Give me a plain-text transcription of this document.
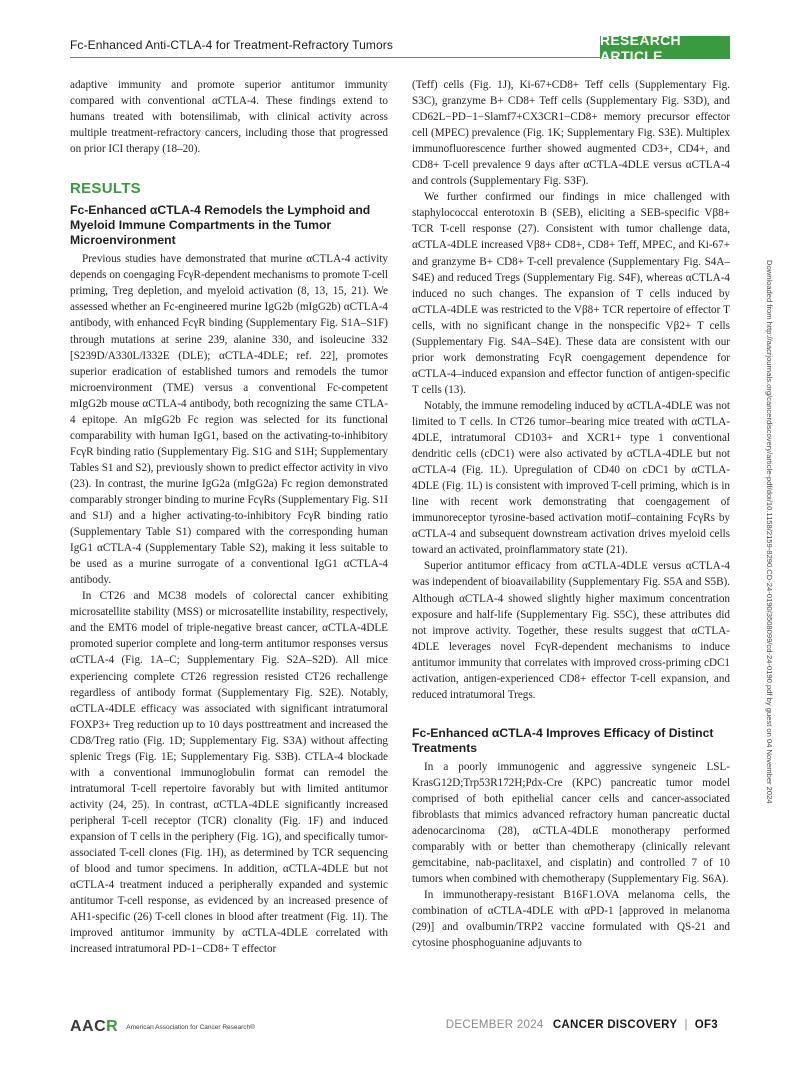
Fc-Enhanced Anti-CTLA-4 for Treatment-Refractory Tumors	RESEARCH ARTICLE

adaptive immunity and promote superior antitumor immunity compared with conventional αCTLA-4. These findings extend to humans treated with botensilimab, with clinical activity across multiple treatment-refractory cancers, including those that progressed on prior ICI therapy (18–20).

RESULTS
Fc-Enhanced αCTLA-4 Remodels the Lymphoid and Myeloid Immune Compartments in the Tumor Microenvironment

Previous studies have demonstrated that murine αCTLA-4 activity depends on coengaging FcγR-dependent mechanisms to promote T-cell priming, Treg depletion, and myeloid activation (8, 13, 15, 21). We assessed whether an Fc-engineered murine IgG2b (mIgG2b) αCTLA-4 antibody, with enhanced FcγR binding (Supplementary Fig. S1A–S1F) through mutations at serine 239, alanine 330, and isoleucine 332 [S239D/A330L/I332E (DLE); αCTLA-4DLE; ref. 22], promotes superior eradication of established tumors and remodels the tumor microenvironment (TME) versus a conventional Fc-competent mIgG2b mouse αCTLA-4 antibody, both recognizing the same CTLA-4 epitope. An mIgG2b Fc region was selected for its functional comparability with human IgG1, based on the activating-to-inhibitory FcγR binding ratio (Supplementary Fig. S1G and S1H; Supplementary Tables S1 and S2), previously shown to predict effector activity in vivo (23). In contrast, the murine IgG2a (mIgG2a) Fc region demonstrated comparably stronger binding to murine FcγRs (Supplementary Fig. S1I and S1J) and a higher activating-to-inhibitory FcγR binding ratio (Supplementary Table S1) compared with the corresponding human IgG1 αCTLA-4 (Supplementary Table S2), making it less suitable to be used as a murine surrogate of a conventional IgG1 αCTLA-4 antibody.

In CT26 and MC38 models of colorectal cancer exhibiting microsatellite stability (MSS) or microsatellite instability, respectively, and the EMT6 model of triple-negative breast cancer, αCTLA-4DLE promoted superior complete and long-term antitumor responses versus αCTLA-4 (Fig. 1A–C; Supplementary Fig. S2A–S2D). All mice experiencing complete CT26 regression resisted CT26 rechallenge regardless of antibody format (Supplementary Fig. S2E). Notably, αCTLA-4DLE efficacy was associated with significant intratumoral FOXP3+ Treg reduction up to 10 days posttreatment and increased the CD8/Treg ratio (Fig. 1D; Supplementary Fig. S3A) without affecting splenic Tregs (Fig. 1E; Supplementary Fig. S3B). CTLA-4 blockade with a conventional immunoglobulin format can remodel the intratumoral T-cell repertoire favorably but with limited antitumor activity (24, 25). In contrast, αCTLA-4DLE significantly increased peripheral T-cell receptor (TCR) clonality (Fig. 1F) and induced expansion of T cells in the periphery (Fig. 1G), and specifically tumor-associated T-cell clones (Fig. 1H), as determined by TCR sequencing of blood and tumor specimens. In addition, αCTLA-4DLE but not αCTLA-4 treatment induced a peripherally expanded and systemic antitumor T-cell response, as evidenced by an increased presence of AH1-specific (26) T-cell clones in blood after treatment (Fig. 1I). The improved antitumor immunity by αCTLA-4DLE correlated with increased intratumoral PD-1−CD8+ T effector

(Teff) cells (Fig. 1J), Ki-67+CD8+ Teff cells (Supplementary Fig. S3C), granzyme B+ CD8+ Teff cells (Supplementary Fig. S3D), and CD62L−PD−1−Slamf7+CX3CR1−CD8+ memory precursor effector cell (MPEC) prevalence (Fig. 1K; Supplementary Fig. S3E). Multiplex immunofluorescence further showed augmented CD3+, CD4+, and CD8+ T-cell prevalence 9 days after αCTLA-4DLE versus αCTLA-4 and controls (Supplementary Fig. S3F).

We further confirmed our findings in mice challenged with staphylococcal enterotoxin B (SEB), eliciting a SEB-specific Vβ8+ TCR T-cell response (27). Consistent with tumor challenge data, αCTLA-4DLE increased Vβ8+ CD8+, CD8+ Teff, MPEC, and Ki-67+ and granzyme B+ CD8+ T-cell prevalence (Supplementary Fig. S4A–S4E) and reduced Tregs (Supplementary Fig. S4F), whereas αCTLA-4 induced no such changes. The expansion of T cells induced by αCTLA-4DLE was restricted to the Vβ8+ TCR repertoire of effector T cells, with no significant change in the nonspecific Vβ2+ T cells (Supplementary Fig. S4A–S4E). These data are consistent with our prior work demonstrating FcγR coengagement dependence for αCTLA-4–induced expansion and effector function of antigen-specific T cells (13).

Notably, the immune remodeling induced by αCTLA-4DLE was not limited to T cells. In CT26 tumor–bearing mice treated with αCTLA-4DLE, intratumoral CD103+ and XCR1+ type 1 conventional dendritic cells (cDC1) were also activated by αCTLA-4DLE but not αCTLA-4 (Fig. 1L). Upregulation of CD40 on cDC1 by αCTLA-4DLE (Fig. 1L) is consistent with improved T-cell priming, which is in line with recent work demonstrating that coengagement of immunoreceptor tyrosine-based activation motif–containing FcγRs by αCTLA-4 and subsequent downstream activation drives myeloid cells toward an activated, proinflammatory state (21).

Superior antitumor efficacy from αCTLA-4DLE versus αCTLA-4 was independent of bioavailability (Supplementary Fig. S5A and S5B). Although αCTLA-4 showed slightly higher maximum concentration exposure and half-life (Supplementary Fig. S5C), these attributes did not improve activity. Together, these results suggest that αCTLA-4DLE leverages novel FcγR-dependent mechanisms to induce antitumor immunity that correlates with improved cross-priming cDC1 activation, antigen-experienced CD8+ effector T-cell expansion, and reduced intratumoral Tregs.

Fc-Enhanced αCTLA-4 Improves Efficacy of Distinct Treatments

In a poorly immunogenic and aggressive syngeneic LSL-KrasG12D;Trp53R172H;Pdx-Cre (KPC) pancreatic tumor model comprised of both epithelial cancer cells and cancer-associated fibroblasts that mimics advanced refractory human pancreatic ductal adenocarcinoma (28), αCTLA-4DLE monotherapy performed comparably with or better than chemotherapy (clinically relevant gemcitabine, nab-paclitaxel, and cisplatin) and controlled 7 of 10 tumors when combined with chemotherapy (Supplementary Fig. S6A).

In immunotherapy-resistant B16F1.OVA melanoma cells, the combination of αCTLA-4DLE with αPD-1 [approved in melanoma (29)] and ovalbumin/TRP2 vaccine formulated with QS-21 and cytosine phosphoguanine adjuvants to

Downloaded from http://aacrjournals.org/cancerdiscovery/article-pdf/doi/10.1158/2159-8290.CD-24-0190/3508099/cd-24-0190.pdf by guest on 04 November 2024
AACR American Association for Cancer Research®	DECEMBER 2024 CANCER DISCOVERY | OF3
